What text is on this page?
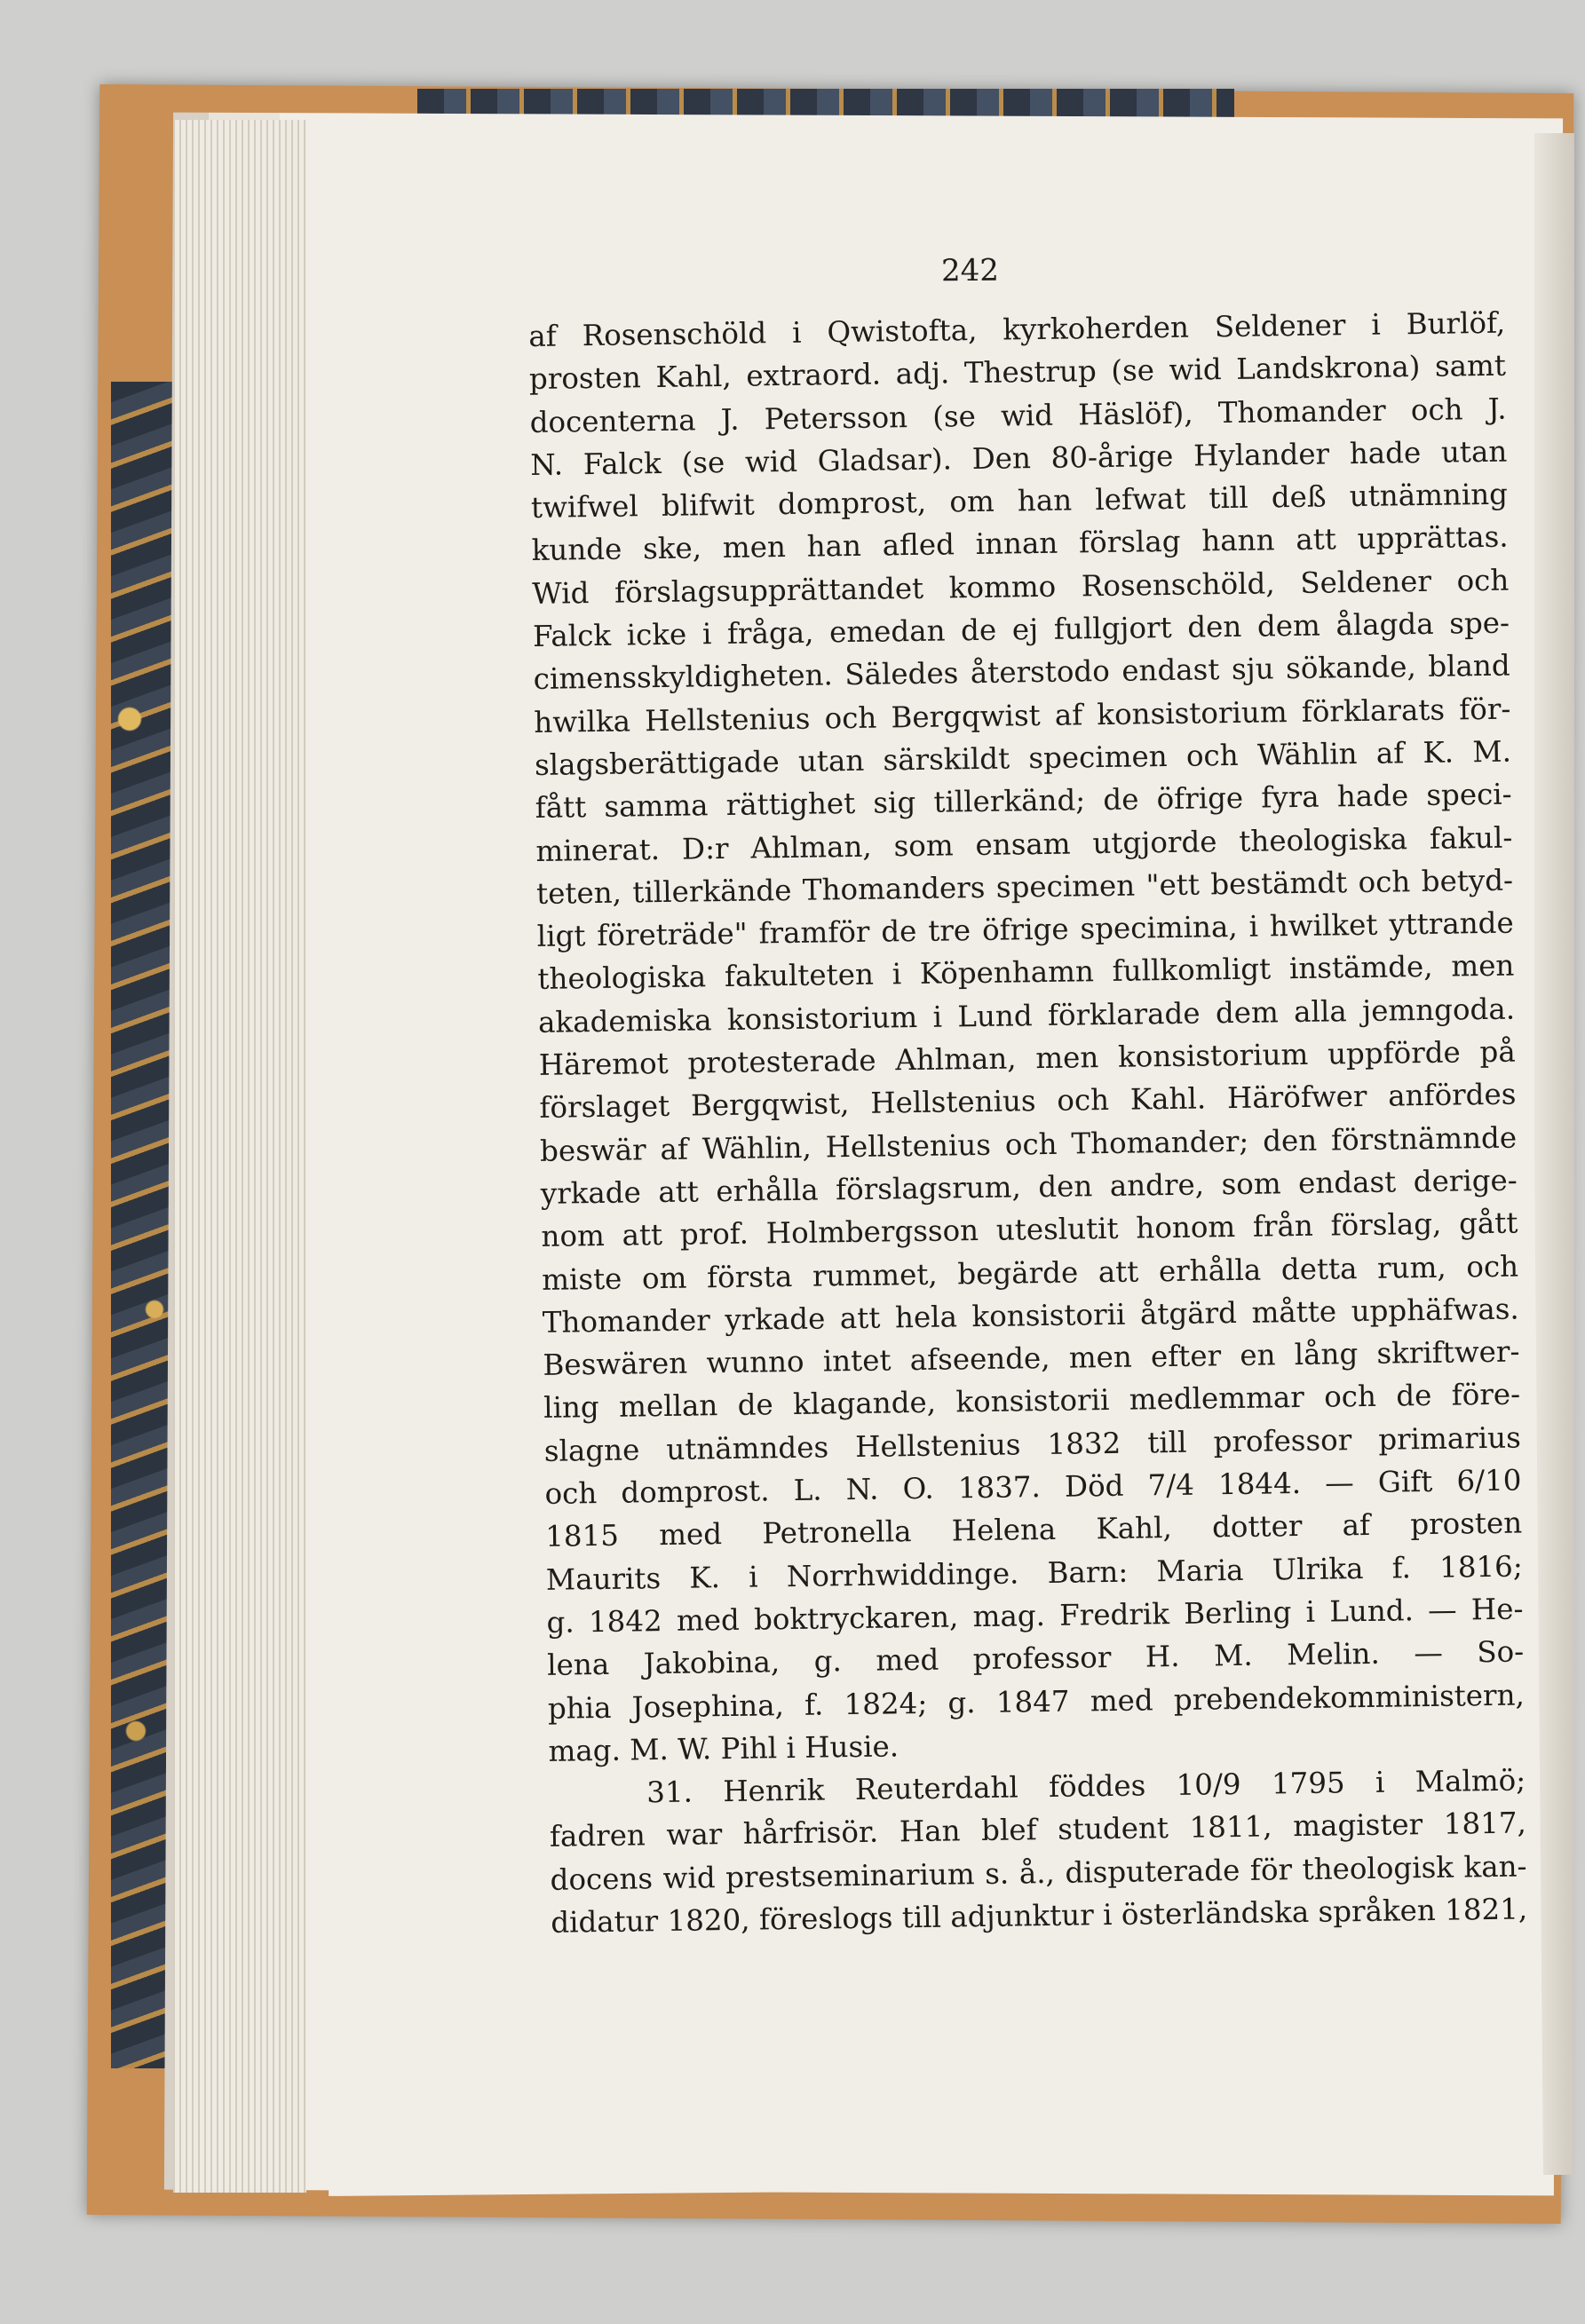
242
af Rosenschöld i Qwistofta, kyrkoherden Seldener i Burlöf,
prosten Kahl, extraord. adj. Thestrup (se wid Landskrona) samt
docenterna J. Petersson (se wid Häslöf), Thomander och J.
N. Falck (se wid Gladsar). Den 80-årige Hylander hade utan
twifwel blifwit domprost, om han lefwat till deß utnämning
kunde ske, men han afled innan förslag hann att upprättas.
Wid förslagsupprättandet kommo Rosenschöld, Seldener och
Falck icke i fråga, emedan de ej fullgjort den dem ålagda spe-
cimensskyldigheten. Säledes återstodo endast sju sökande, bland
hwilka Hellstenius och Bergqwist af konsistorium förklarats för-
slagsberättigade utan särskildt specimen och Wählin af K. M.
fått samma rättighet sig tillerkänd; de öfrige fyra hade speci-
minerat. D:r Ahlman, som ensam utgjorde theologiska fakul-
teten, tillerkände Thomanders specimen "ett bestämdt och betyd-
ligt företräde" framför de tre öfrige specimina, i hwilket yttrande
theologiska fakulteten i Köpenhamn fullkomligt instämde, men
akademiska konsistorium i Lund förklarade dem alla jemngoda.
Häremot protesterade Ahlman, men konsistorium uppförde på
förslaget Bergqwist, Hellstenius och Kahl. Häröfwer anfördes
beswär af Wählin, Hellstenius och Thomander; den förstnämnde
yrkade att erhålla förslagsrum, den andre, som endast derige-
nom att prof. Holmbergsson uteslutit honom från förslag, gått
miste om första rummet, begärde att erhålla detta rum, och
Thomander yrkade att hela konsistorii åtgärd måtte upphäfwas.
Beswären wunno intet afseende, men efter en lång skriftwer-
ling mellan de klagande, konsistorii medlemmar och de före-
slagne utnämndes Hellstenius 1832 till professor primarius
och domprost. L. N. O. 1837. Död 7/4 1844. — Gift 6/10
1815 med Petronella Helena Kahl, dotter af prosten
Maurits K. i Norrhwiddinge. Barn: Maria Ulrika f. 1816;
g. 1842 med boktryckaren, mag. Fredrik Berling i Lund. — He-
lena Jakobina, g. med professor H. M. Melin. — So-
phia Josephina, f. 1824; g. 1847 med prebendekomministern,
mag. M. W. Pihl i Husie.
31. Henrik Reuterdahl föddes 10/9 1795 i Malmö;
fadren war hårfrisör. Han blef student 1811, magister 1817,
docens wid prestseminarium s. å., disputerade för theologisk kan-
didatur 1820, föreslogs till adjunktur i österländska språken 1821,
